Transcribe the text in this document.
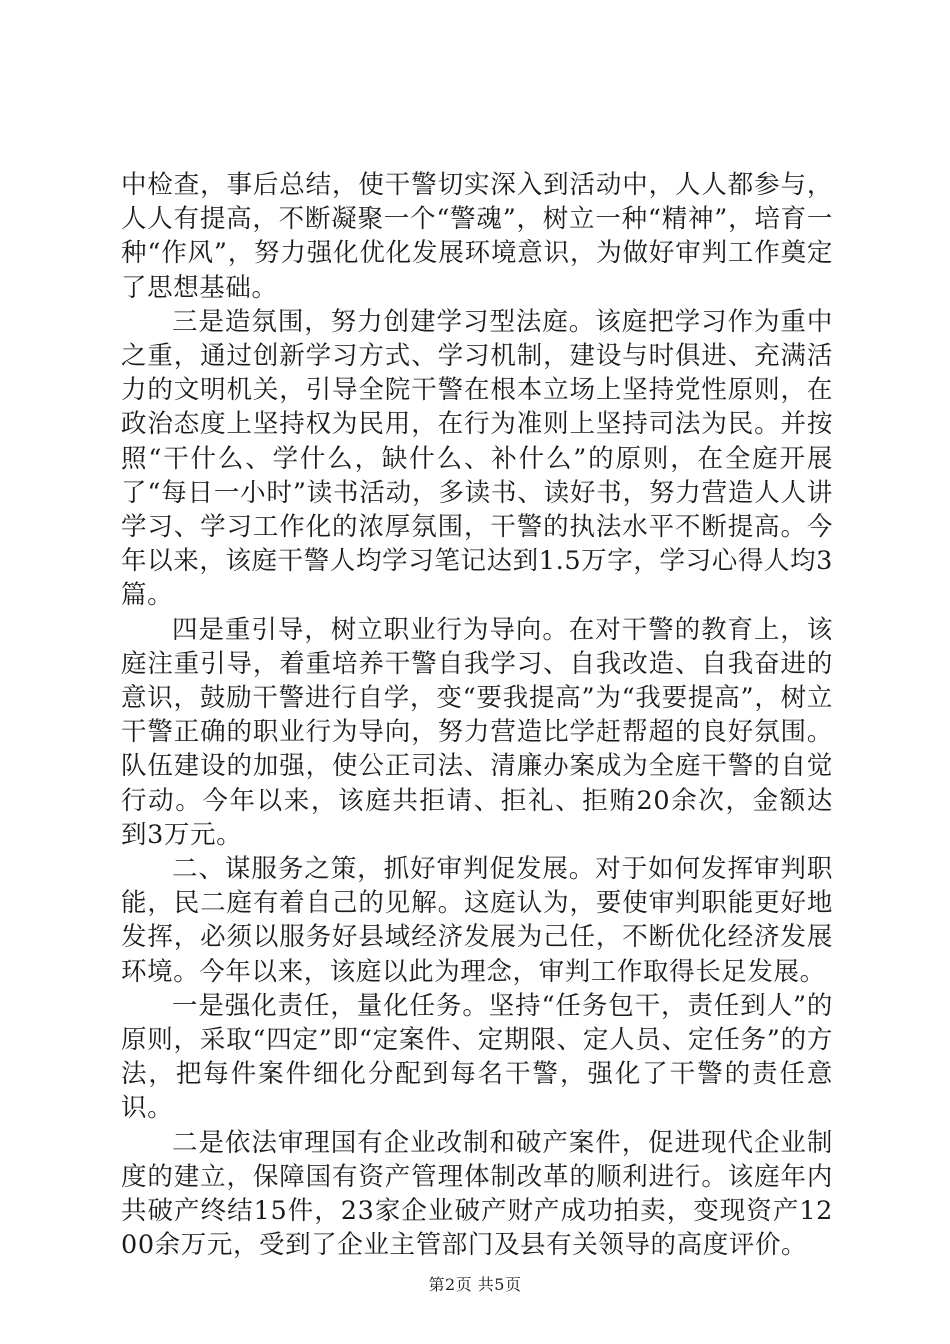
中检查，事后总结，使干警切实深入到活动中，人人都参与，人人有提高，不断凝聚一个“警魂”，树立一种“精神”，培育一种“作风”，努力强化优化发展环境意识，为做好审判工作奠定了思想基础。

三是造氛围，努力创建学习型法庭。该庭把学习作为重中之重，通过创新学习方式、学习机制，建设与时俱进、充满活力的文明机关，引导全院干警在根本立场上坚持党性原则，在政治态度上坚持权为民用，在行为准则上坚持司法为民。并按照“干什么、学什么，缺什么、补什么”的原则，在全庭开展了“每日一小时”读书活动，多读书、读好书，努力营造人人讲学习、学习工作化的浓厚氛围，干警的执法水平不断提高。今年以来，该庭干警人均学习笔记达到1.5万字，学习心得人均3篇。

四是重引导，树立职业行为导向。在对干警的教育上，该庭注重引导，着重培养干警自我学习、自我改造、自我奋进的意识，鼓励干警进行自学，变“要我提高”为“我要提高”，树立干警正确的职业行为导向，努力营造比学赶帮超的良好氛围。队伍建设的加强，使公正司法、清廉办案成为全庭干警的自觉行动。今年以来，该庭共拒请、拒礼、拒贿20余次，金额达到3万元。

二、谋服务之策，抓好审判促发展。对于如何发挥审判职能，民二庭有着自己的见解。这庭认为，要使审判职能更好地发挥，必须以服务好县域经济发展为己任，不断优化经济发展环境。今年以来，该庭以此为理念，审判工作取得长足发展。

一是强化责任，量化任务。坚持“任务包干，责任到人”的原则，采取“四定”即“定案件、定期限、定人员、定任务”的方法，把每件案件细化分配到每名干警，强化了干警的责任意识。

二是依法审理国有企业改制和破产案件，促进现代企业制度的建立，保障国有资产管理体制改革的顺利进行。该庭年内共破产终结15件，23家企业破产财产成功拍卖，变现资产1200余万元，受到了企业主管部门及县有关领导的高度评价。

第2页 共5页
